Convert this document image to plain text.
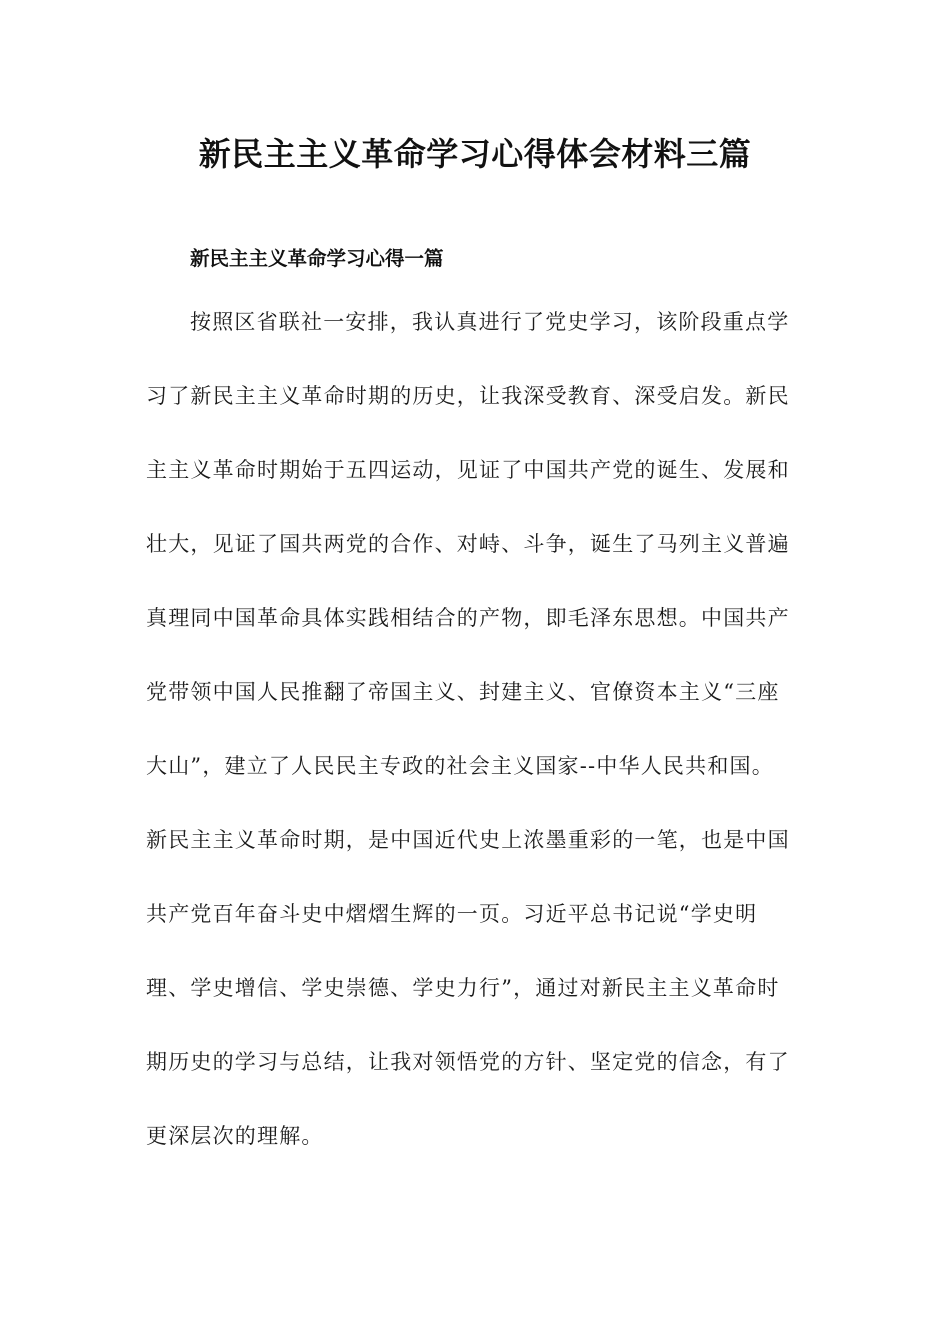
新民主主义革命学习心得体会材料三篇
新民主主义革命学习心得一篇
按照区省联社一安排，我认真进行了党史学习，该阶段重点学
习了新民主主义革命时期的历史，让我深受教育、深受启发。新民
主主义革命时期始于五四运动，见证了中国共产党的诞生、发展和
壮大，见证了国共两党的合作、对峙、斗争，诞生了马列主义普遍
真理同中国革命具体实践相结合的产物，即毛泽东思想。中国共产
党带领中国人民推翻了帝国主义、封建主义、官僚资本主义“三座
大山”，建立了人民民主专政的社会主义国家--中华人民共和国。
新民主主义革命时期，是中国近代史上浓墨重彩的一笔，也是中国
共产党百年奋斗史中熠熠生辉的一页。习近平总书记说“学史明
理、学史增信、学史崇德、学史力行”，通过对新民主主义革命时
期历史的学习与总结，让我对领悟党的方针、坚定党的信念，有了
更深层次的理解。
